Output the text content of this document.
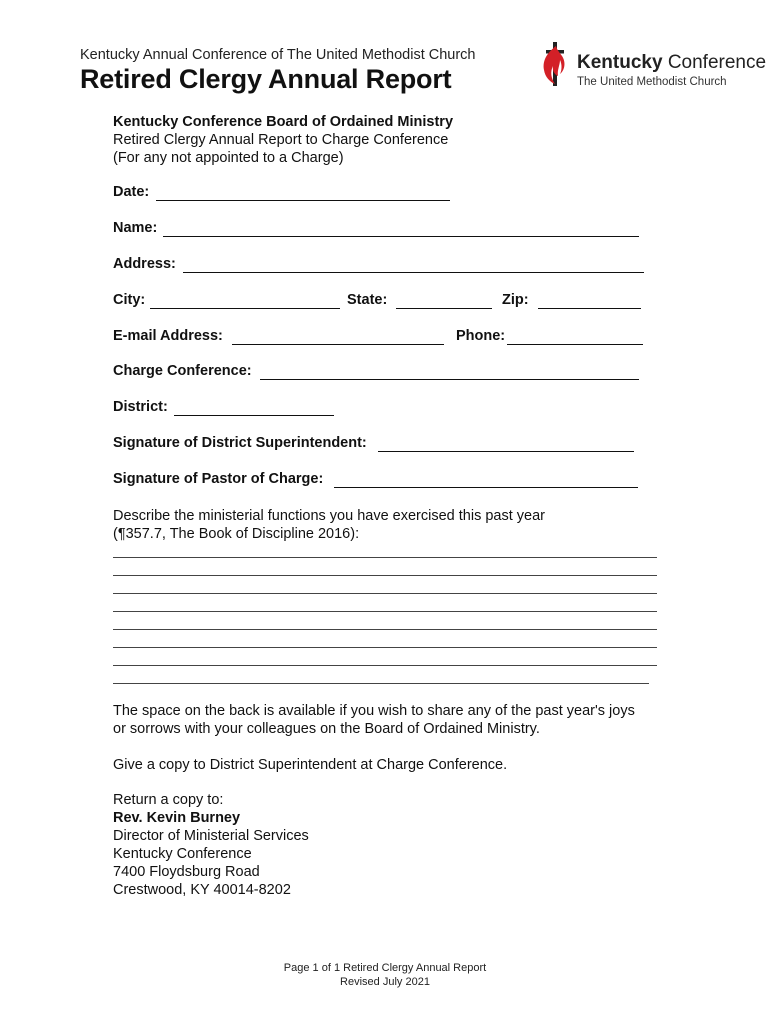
Kentucky Annual Conference of The United Methodist Church
Retired Clergy Annual Report
Kentucky Conference
The United Methodist Church
Kentucky Conference Board of Ordained Ministry
Retired Clergy Annual Report to Charge Conference
(For any not appointed to a Charge)
Date:
Name:
Address:
City:	State:	Zip:
E-mail Address:	Phone:
Charge Conference:
District:
Signature of District Superintendent:
Signature of Pastor of Charge:
Describe the ministerial functions you have exercised this past year
(¶357.7, The Book of Discipline 2016):
The space on the back is available if you wish to share any of the past year's joys
or sorrows with your colleagues on the Board of Ordained Ministry.
Give a copy to District Superintendent at Charge Conference.
Return a copy to:
Rev. Kevin Burney
Director of Ministerial Services
Kentucky Conference
7400 Floydsburg Road
Crestwood, KY 40014-8202
Page 1 of 1 Retired Clergy Annual Report
Revised July 2021
